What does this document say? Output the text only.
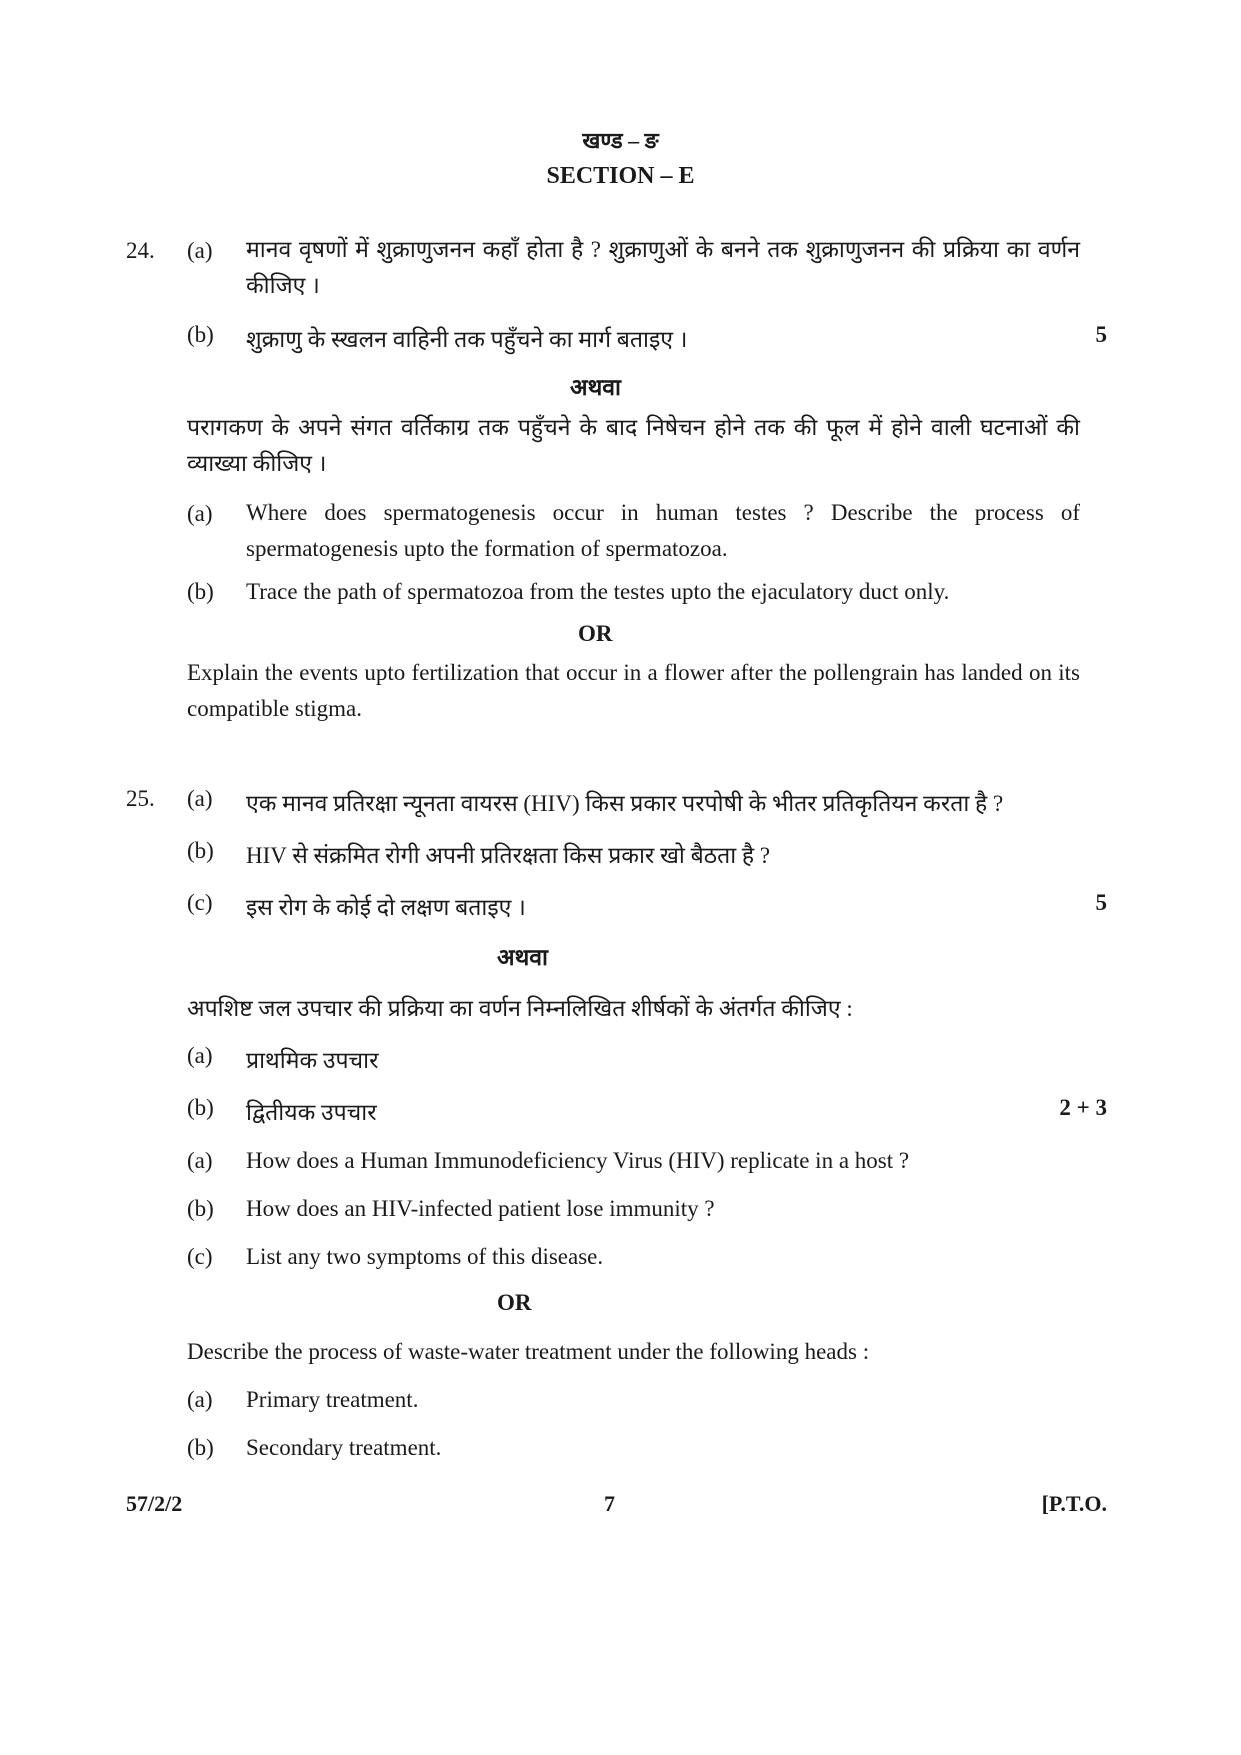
खण्ड – ङ
SECTION – E
24. (a) मानव वृषणों में शुक्राणुजनन कहाँ होता है ? शुक्राणुओं के बनने तक शुक्राणुजनन की प्रक्रिया का वर्णन कीजिए ।
(b) शुक्राणु के स्खलन वाहिनी तक पहुँचने का मार्ग बताइए ।	5
अथवा
परागकण के अपने संगत वर्तिकाग्र तक पहुँचने के बाद निषेचन होने तक की फूल में होने वाली घटनाओं की व्याख्या कीजिए ।
(a) Where does spermatogenesis occur in human testes ? Describe the process of spermatogenesis upto the formation of spermatozoa.
(b) Trace the path of spermatozoa from the testes upto the ejaculatory duct only.
OR
Explain the events upto fertilization that occur in a flower after the pollengrain has landed on its compatible stigma.
25. (a) एक मानव प्रतिरक्षा न्यूनता वायरस (HIV) किस प्रकार परपोषी के भीतर प्रतिकृतियन करता है ?
(b) HIV से संक्रमित रोगी अपनी प्रतिरक्षता किस प्रकार खो बैठता है ?
(c) इस रोग के कोई दो लक्षण बताइए ।	5
अथवा
अपशिष्ट जल उपचार की प्रक्रिया का वर्णन निम्नलिखित शीर्षकों के अंतर्गत कीजिए :
(a) प्राथमिक उपचार
(b) द्वितीयक उपचार	2 + 3
(a) How does a Human Immunodeficiency Virus (HIV) replicate in a host ?
(b) How does an HIV-infected patient lose immunity ?
(c) List any two symptoms of this disease.
OR
Describe the process of waste-water treatment under the following heads :
(a) Primary treatment.
(b) Secondary treatment.
57/2/2	7	[P.T.O.
